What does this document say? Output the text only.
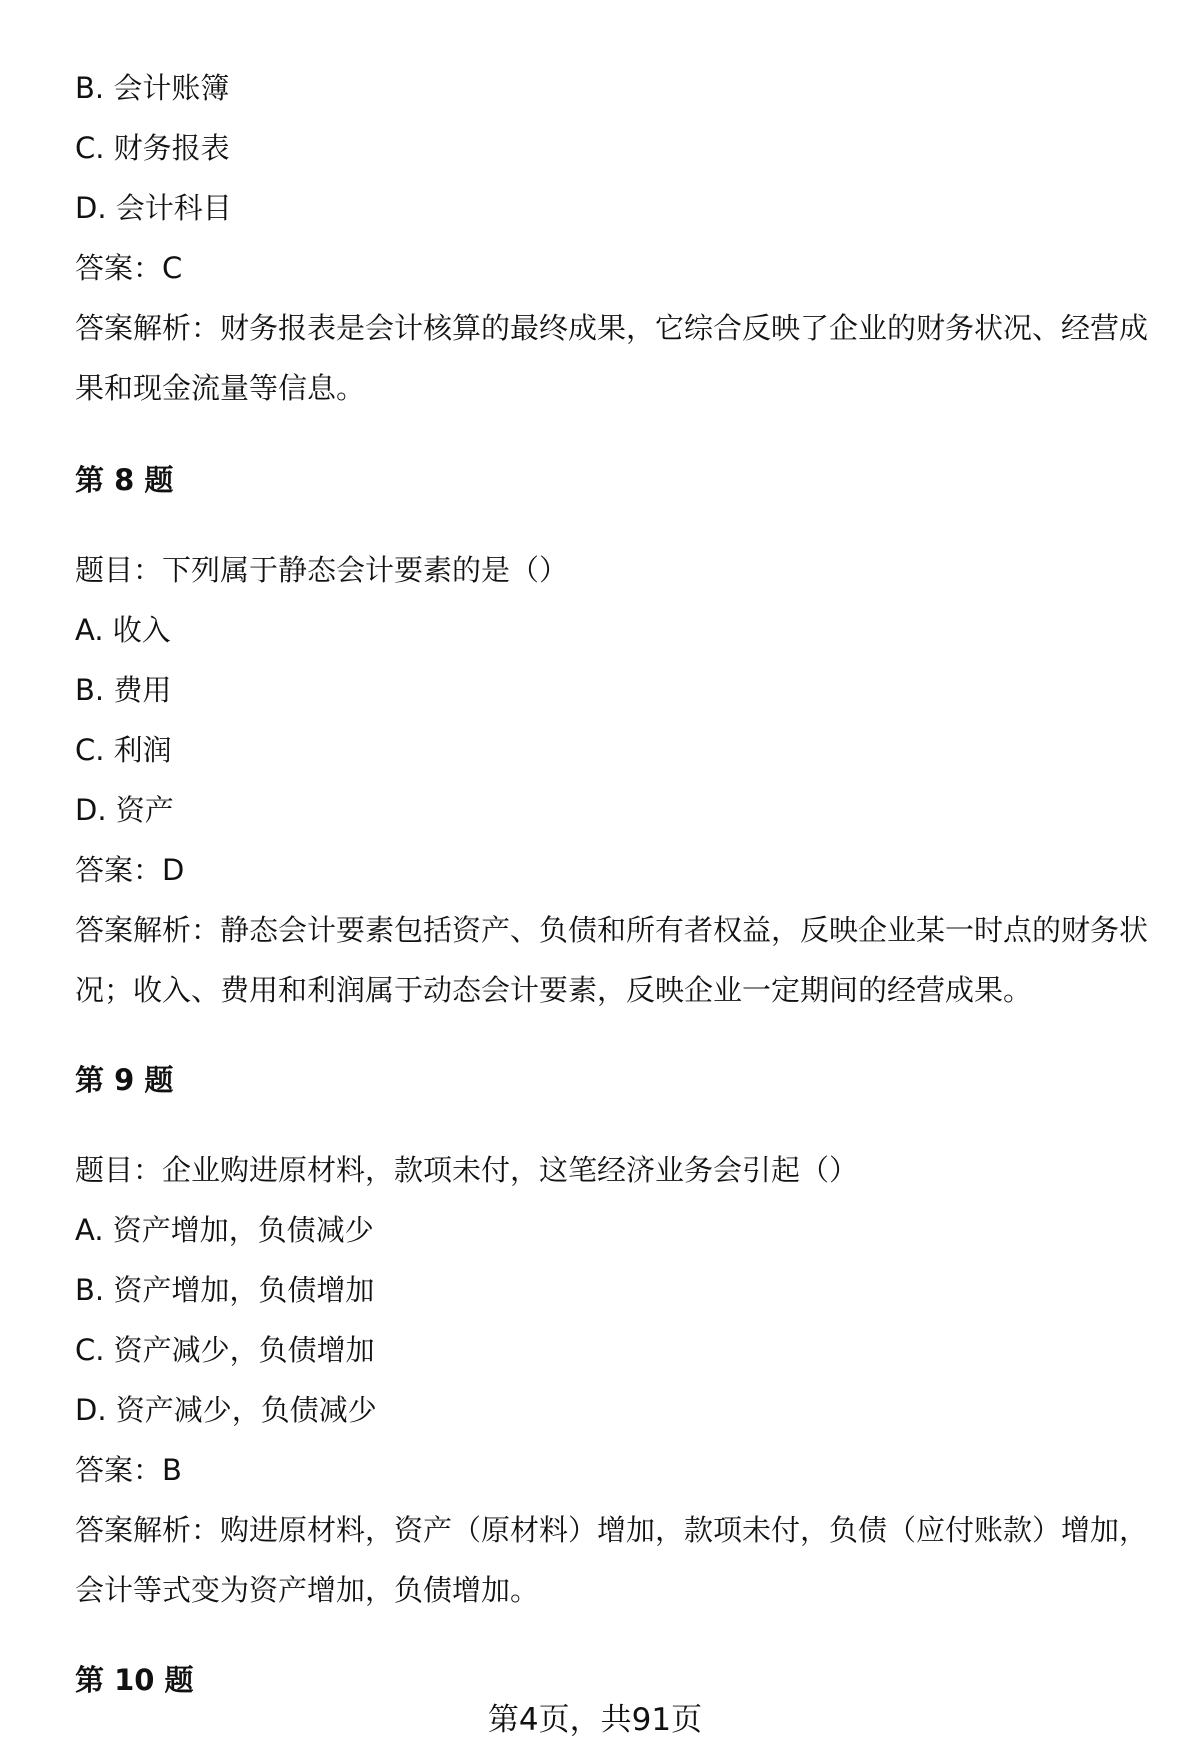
B. 会计账簿
C. 财务报表
D. 会计科目
答案：C
答案解析：财务报表是会计核算的最终成果，它综合反映了企业的财务状况、经营成果和现金流量等信息。
第 8 题
题目：下列属于静态会计要素的是（）
A. 收入
B. 费用
C. 利润
D. 资产
答案：D
答案解析：静态会计要素包括资产、负债和所有者权益，反映企业某一时点的财务状况；收入、费用和利润属于动态会计要素，反映企业一定期间的经营成果。
第 9 题
题目：企业购进原材料，款项未付，这笔经济业务会引起（）
A. 资产增加，负债减少
B. 资产增加，负债增加
C. 资产减少，负债增加
D. 资产减少，负债减少
答案：B
答案解析：购进原材料，资产（原材料）增加，款项未付，负债（应付账款）增加，会计等式变为资产增加，负债增加。
第 10 题
第4页，共91页
